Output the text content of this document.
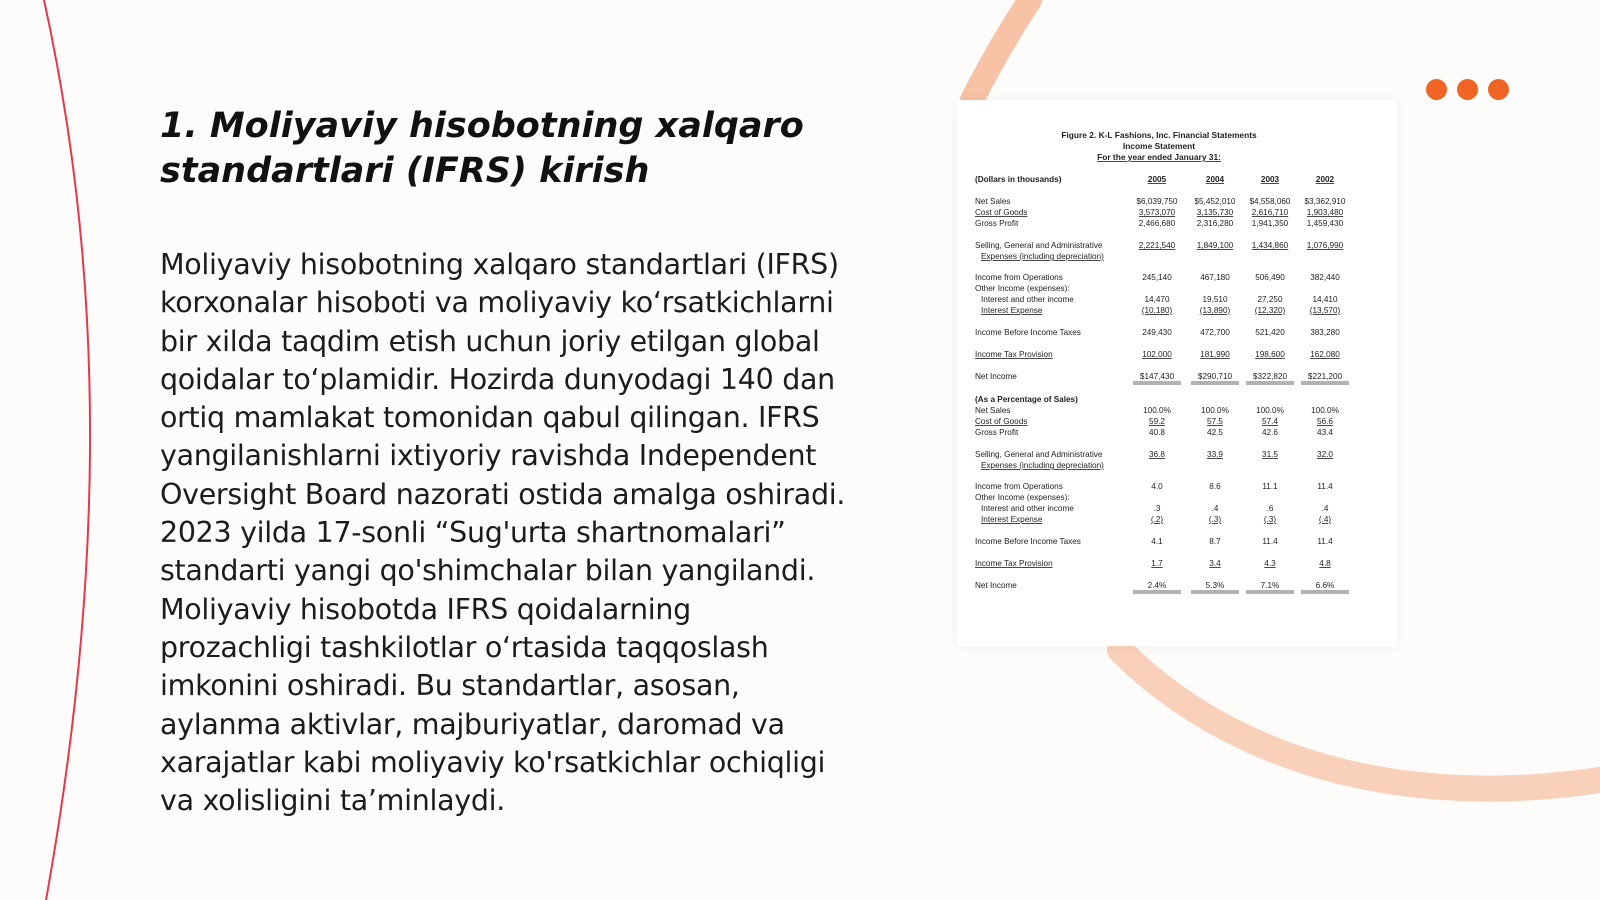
1. Moliyaviy hisobotning xalqaro standartlari (IFRS) kirish

Moliyaviy hisobotning xalqaro standartlari (IFRS) korxonalar hisoboti va moliyaviy ko‘rsatkichlarni bir xilda taqdim etish uchun joriy etilgan global qoidalar to‘plamidir. Hozirda dunyodagi 140 dan ortiq mamlakat tomonidan qabul qilingan. IFRS yangilanishlarni ixtiyoriy ravishda Independent Oversight Board nazorati ostida amalga oshiradi. 2023 yilda 17-sonli “Sug'urta shartnomalari” standarti yangi qo'shimchalar bilan yangilandi. Moliyaviy hisobotda IFRS qoidalarning prozachligi tashkilotlar o‘rtasida taqqoslash imkonini oshiradi. Bu standartlar, asosan, aylanma aktivlar, majburiyatlar, daromad va xarajatlar kabi moliyaviy ko'rsatkichlar ochiqligi va xolisligini ta’minlaydi.

Figure 2. K-L Fashions, Inc. Financial Statements
Income Statement
For the year ended January 31:
(Dollars in thousands)	2005	2004	2003	2002
Net Sales	$6,039,750 $5,452,010 $4,558,060 $3,362,910
Cost of Goods	3,573,070	3,135,730 2,616,710 1,903,480
Gross Profit	2,466,680	2,316,280 1,941,350 1,459,430
Selling, General and Administrative
Expenses (including depreciation)
2,221,540	1,849,100 1,434,860 1,076,990
Income from Operations	245,140	467,180	506,490	382,440
Other Income (expenses):
Interest and other income	14,470	19,510	27,250	14,410
Interest Expense	(10,180)	(13,890)	(12,320)	(13,570)
Income Before Income Taxes	249,430	472,700	521,420	383,280
Income Tax Provision	102,000	181,990	198,600	162,080
Net Income	$147,430	$290,710	$322,820	$221,200
(As a Percentage of Sales)
Net Sales	100.0%	100.0%	100.0%	100.0%
Cost of Goods	59.2	57.5	57.4	56.6
Gross Profit	40.8	42.5	42.6	43.4
Selling, General and Administrative
Expenses (including depreciation)
36.8	33.9	31.5	32.0
Income from Operations	4.0	8.6	11.1	11.4
Other Income (expenses):
Interest and other income	.3	.4	.6	.4
Interest Expense	(.2)	(.3)	(.3)	(.4)
Income Before Income Taxes	4.1	8.7	11.4	11.4
Income Tax Provision	1.7	3.4	4.3	4.8
Net Income	2.4%	5.3%	7.1%	6.6%
